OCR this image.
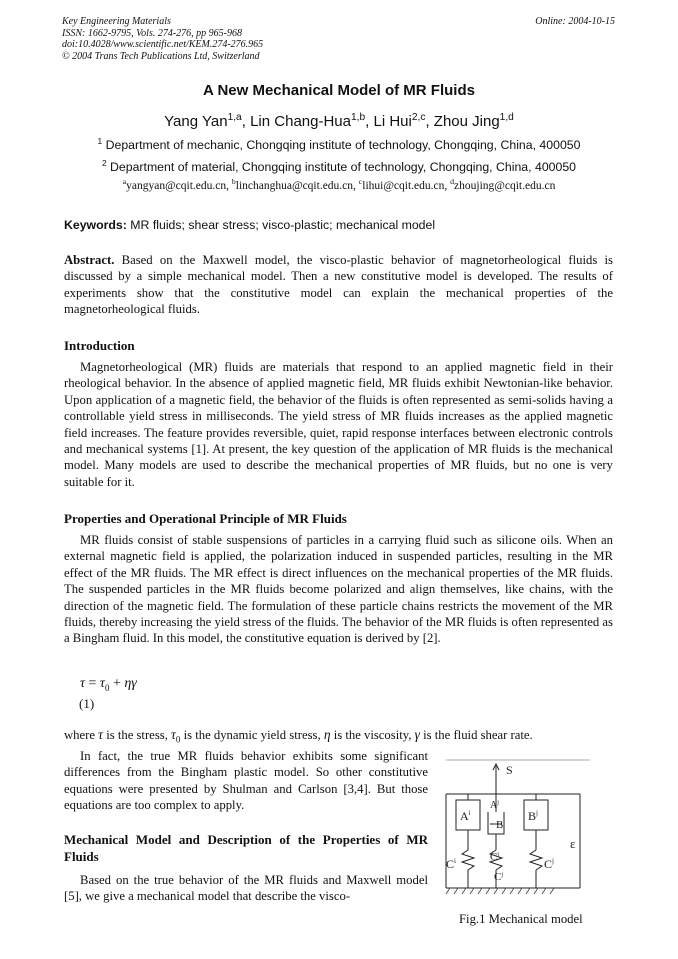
Key Engineering Materials
ISSN: 1662-9795, Vols. 274-276, pp 965-968
doi:10.4028/www.scientific.net/KEM.274-276.965
© 2004 Trans Tech Publications Ltd, Switzerland
Online: 2004-10-15
A New Mechanical Model of MR Fluids
Yang Yan$^{1,a}$, Lin Chang-Hua$^{1,b}$, Li Hui$^{2,c}$, Zhou Jing$^{1,d}$
$^1$ Department of mechanic, Chongqing institute of technology, Chongqing, China, 400050
$^2$ Department of material, Chongqing institute of technology, Chongqing, China, 400050
$^a$yangyan@cqit.edu.cn, $^b$linchanghua@cqit.edu.cn, $^c$lihui@cqit.edu.cn, $^d$zhoujing@cqit.edu.cn
Keywords: MR fluids; shear stress; visco-plastic; mechanical model

Abstract. Based on the Maxwell model, the visco-plastic behavior of magnetorheological fluids is discussed by a simple mechanical model. Then a new constitutive model is developed. The results of experiments show that the constitutive model can explain the mechanical properties of the magnetorheological fluids.

Introduction

Magnetorheological (MR) fluids are materials that respond to an applied magnetic field in their rheological behavior. In the absence of applied magnetic field, MR fluids exhibit Newtonian-like behavior. Upon application of a magnetic field, the behavior of the fluids is often represented as semi-solids having a controllable yield stress in milliseconds. The yield stress of MR fluids increases as the applied magnetic field increases. The feature provides reversible, quiet, rapid response interfaces between electronic controls and mechanical systems [1]. At present, the key question of the application of MR fluids is the mechanical model. Many models are used to describe the mechanical properties of MR fluids, but no one is very suitable for it.

Properties and Operational Principle of MR Fluids

MR fluids consist of stable suspensions of particles in a carrying fluid such as silicone oils. When an external magnetic field is applied, the polarization induced in suspended particles, resulting in the MR effect of the MR fluids. The MR effect is direct influences on the mechanical properties of the MR fluids. The suspended particles in the MR fluids become polarized and align themselves, like chains, with the direction of the magnetic field. The formulation of these particle chains restricts the movement of the MR fluids, thereby increasing the yield stress of the fluids. The behavior of the MR fluids is often represented as a Bingham fluid. In this model, the constitutive equation is derived by [2].

$\tau = \tau_0 + \eta\gamma$
(1)
where τ is the stress, $\tau_0$ is the dynamic yield stress, η is the viscosity, γ is the fluid shear rate.

In fact, the true MR fluids behavior exhibits some significant differences from the Bingham plastic model. So other constitutive equations were presented by Shulman and Carlson [3,4]. But those equations are too complex to apply.

Mechanical Model and Description of the Properties of MR Fluids

Based on the true behavior of the MR fluids and Maxwell model [5], we give a mechanical model that describe the visco-

S
ε
$A^i$
$C^i$
$A^j$
$B^i$
$C^i$
$C^j$
$B^j$
$C^j$
Fig.1 Mechanical model
